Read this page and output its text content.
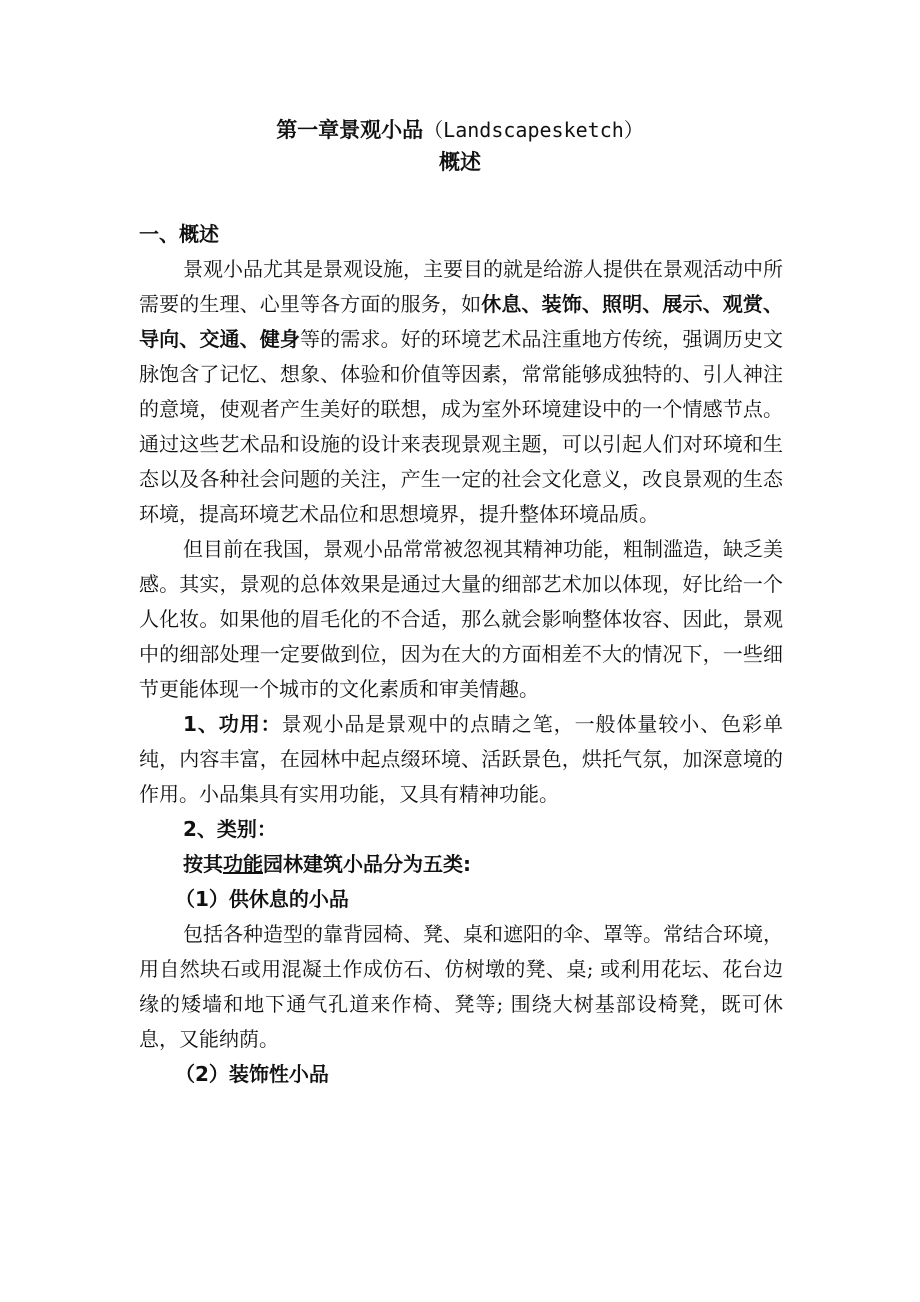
第一章景观小品（Landscapesketch）
概述

一、概述

景观小品尤其是景观设施，主要目的就是给游人提供在景观活动中所需要的生理、心里等各方面的服务，如休息、装饰、照明、展示、观赏、导向、交通、健身等的需求。好的环境艺术品注重地方传统，强调历史文脉饱含了记忆、想象、体验和价值等因素，常常能够成独特的、引人神注的意境，使观者产生美好的联想，成为室外环境建设中的一个情感节点。通过这些艺术品和设施的设计来表现景观主题，可以引起人们对环境和生态以及各种社会问题的关注，产生一定的社会文化意义，改良景观的生态环境，提高环境艺术品位和思想境界，提升整体环境品质。

但目前在我国，景观小品常常被忽视其精神功能，粗制滥造，缺乏美感。其实，景观的总体效果是通过大量的细部艺术加以体现，好比给一个人化妆。如果他的眉毛化的不合适，那么就会影响整体妆容、因此，景观中的细部处理一定要做到位，因为在大的方面相差不大的情况下，一些细节更能体现一个城市的文化素质和审美情趣。

1、功用：景观小品是景观中的点睛之笔，一般体量较小、色彩单纯，内容丰富，在园林中起点缀环境、活跃景色，烘托气氛，加深意境的作用。小品集具有实用功能，又具有精神功能。

2、类别：

按其功能园林建筑小品分为五类:

（1）供休息的小品

包括各种造型的靠背园椅、凳、桌和遮阳的伞、罩等。常结合环境，用自然块石或用混凝土作成仿石、仿树墩的凳、桌; 或利用花坛、花台边缘的矮墙和地下通气孔道来作椅、凳等; 围绕大树基部设椅凳，既可休息，又能纳荫。

（2）装饰性小品
